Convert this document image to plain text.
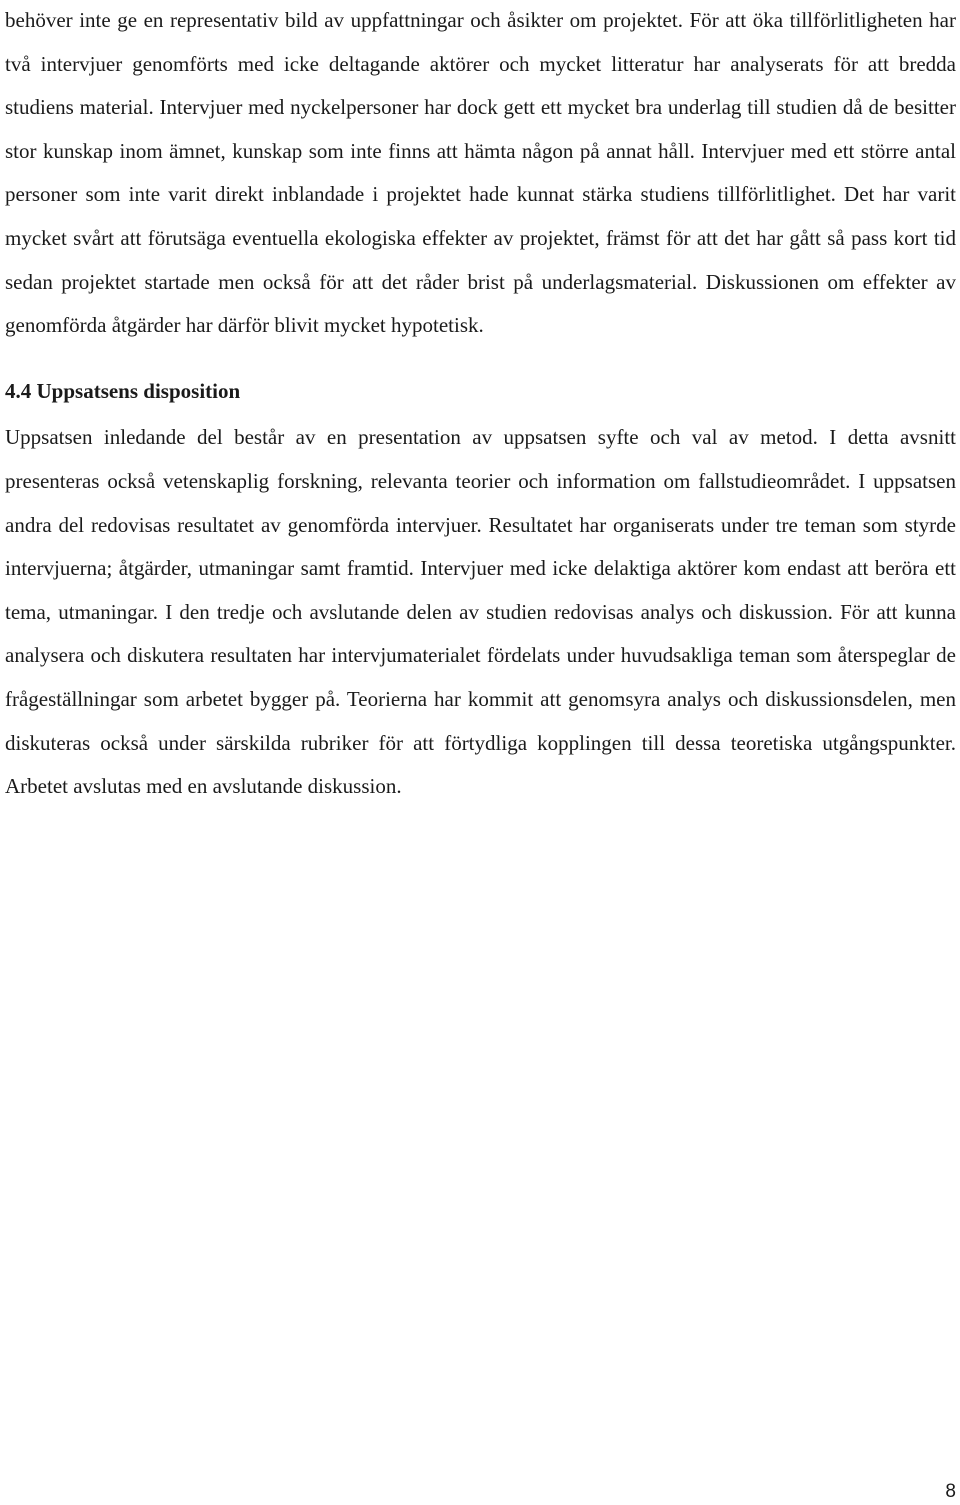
behöver inte ge en representativ bild av uppfattningar och åsikter om projektet. För att öka tillförlitligheten har två intervjuer genomförts med icke deltagande aktörer och mycket litteratur har analyserats för att bredda studiens material. Intervjuer med nyckelpersoner har dock gett ett mycket bra underlag till studien då de besitter stor kunskap inom ämnet, kunskap som inte finns att hämta någon på annat håll. Intervjuer med ett större antal personer som inte varit direkt inblandade i projektet hade kunnat stärka studiens tillförlitlighet. Det har varit mycket svårt att förutsäga eventuella ekologiska effekter av projektet, främst för att det har gått så pass kort tid sedan projektet startade men också för att det råder brist på underlagsmaterial. Diskussionen om effekter av genomförda åtgärder har därför blivit mycket hypotetisk.

4.4 Uppsatsens disposition

Uppsatsen inledande del består av en presentation av uppsatsen syfte och val av metod. I detta avsnitt presenteras också vetenskaplig forskning, relevanta teorier och information om fallstudieområdet. I uppsatsen andra del redovisas resultatet av genomförda intervjuer. Resultatet har organiserats under tre teman som styrde intervjuerna; åtgärder, utmaningar samt framtid. Intervjuer med icke delaktiga aktörer kom endast att beröra ett tema, utmaningar. I den tredje och avslutande delen av studien redovisas analys och diskussion. För att kunna analysera och diskutera resultaten har intervjumaterialet fördelats under huvudsakliga teman som återspeglar de frågeställningar som arbetet bygger på. Teorierna har kommit att genomsyra analys och diskussionsdelen, men diskuteras också under särskilda rubriker för att förtydliga kopplingen till dessa teoretiska utgångspunkter. Arbetet avslutas med en avslutande diskussion.

8
